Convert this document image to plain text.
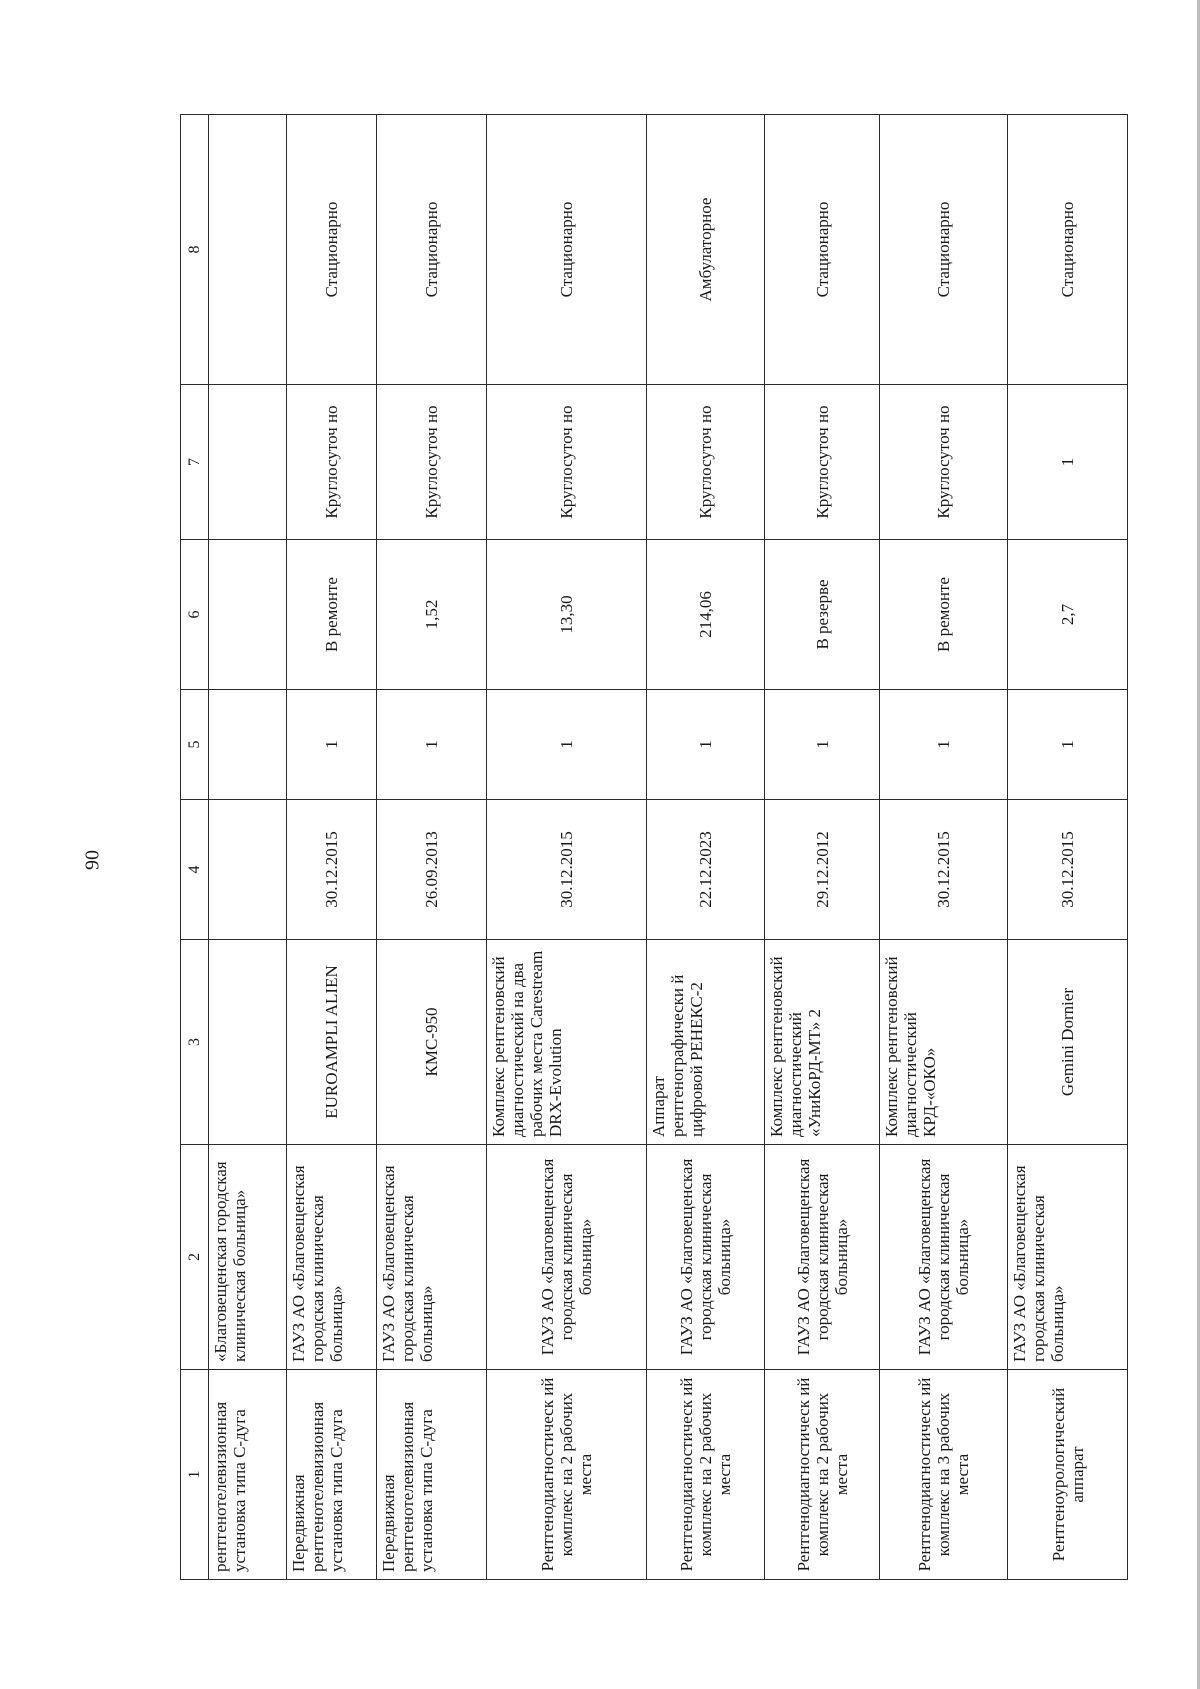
90
1	2	3	4	5	6	7	8
рентгенотелевизионная установка типа С-дуга	«Благовещенская городская клиническая больница»						
Передвижная рентгенотелевизионная установка типа С-дуга	ГАУЗ АО «Благовещенская городская клиническая больница»	EUROAMPLI ALIEN	30.12.2015	1	В ремонте	Круглосуточ но	Стационарно
Передвижная рентгенотелевизионная установка типа С-дуга	ГАУЗ АО «Благовещенская городская клиническая больница»	КМС-950	26.09.2013	1	1,52	Круглосуточ но	Стационарно
Рентгенодиагностическ ий комплекс на 2 рабочих места	ГАУЗ АО «Благовещенская городская клиническая больница»	Комплекс рентгеновский диагностический на два рабочих места Carestream DRX-Evolution	30.12.2015	1	13,30	Круглосуточ но	Стационарно
Рентгенодиагностическ ий комплекс на 2 рабочих места	ГАУЗ АО «Благовещенская городская клиническая больница»	Аппарат рентгенографически й цифровой РЕНЕКС-2	22.12.2023	1	214,06	Круглосуточ но	Амбулаторное
Рентгенодиагностическ ий комплекс на 2 рабочих места	ГАУЗ АО «Благовещенская городская клиническая больница»	Комплекс рентгеновский диагностический «УниКоРД-МТ» 2	29.12.2012	1	В резерве	Круглосуточ но	Стационарно
Рентгенодиагностическ ий комплекс на 3 рабочих места	ГАУЗ АО «Благовещенская городская клиническая больница»	Комплекс рентгеновский диагностический КРД-«ОКО»	30.12.2015	1	В ремонте	Круглосуточ но	Стационарно
Рентгеноурологический аппарат	ГАУЗ АО «Благовещенская городская клиническая больница»	Gemini Dornier	30.12.2015	1	2,7	1	Стационарно
